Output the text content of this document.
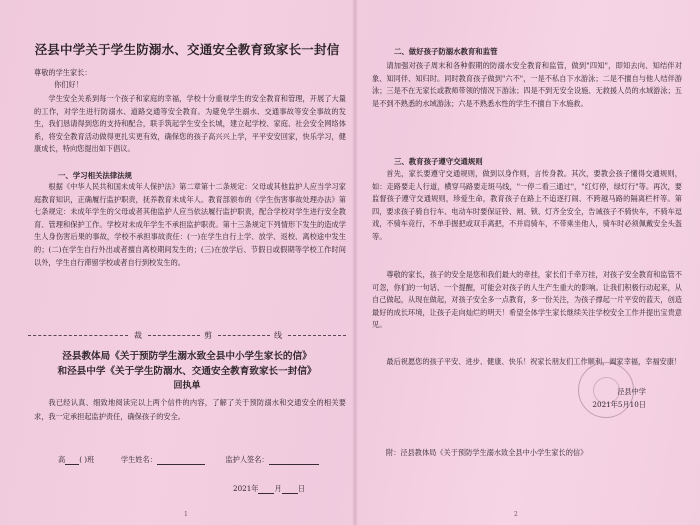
泾县中学关于学生防溺水、交通安全教育致家长一封信
尊敬的学生家长：
你们好！
学生安全关系到每一个孩子和家庭的幸福，学校十分重视学生的安全教育和管理，开展了大量的工作，对学生进行防溺水、道路交通等安全教育。为避免学生溺水、交通事故等安全事故的发生，我们恳请得到您的支持和配合，联手筑起学生安全长城，建立起学校、家庭、社会安全网络体系，将安全教育活动做得更扎实更有效，确保您的孩子高兴兴上学，平平安安回家，快乐学习，健康成长，特向您提出如下倡议。
一、学习相关法律法规
根据《中华人民共和国未成年人保护法》第二章第十二条规定：父母或其他监护人应当学习家庭教育知识，正确履行监护职责，抚养教育未成年人。教育部颁布的《学生伤害事故处理办法》第七条规定：未成年学生的父母或者其他监护人应当依法履行监护职责，配合学校对学生进行安全教育、管理和保护工作。学校对未成年学生不承担监护职责。第十三条规定下列情形下发生的造成学生人身伤害后果的事故，学校不承担事故责任：(一)在学生自行上学、放学、返校、离校途中发生的；(二)在学生自行外出或者擅自离校期间发生的；(三)在放学后、节假日或假期等学校工作时间以外，学生自行滞留学校或者自行到校发生的。
裁	剪	线
泾县教体局《关于预防学生溺水致全县中小学生家长的信》
和泾县中学《关于学生防溺水、交通安全教育致家长一封信》
回执单
我已经认真、细致地阅读完以上两个信件的内容，了解了关于预防溺水和交通安全的相关要求，我一定承担起监护责任，确保孩子的安全。
高 ( )班	学生姓名：	监护人签名：
2021年 月 日
1
二、做好孩子防溺水教育和监管
请加强对孩子周末和各种假期的防溺水安全教育和监管，做到"四知"，即知去向、知结伴对象、知同伴、知归时。同时教育孩子做到"六不"，一是不私自下水游泳；二是不擅自与他人结伴游泳；三是不在无家长或教师带领的情况下游泳；四是不到无安全设施、无救援人员的水域游泳；五是不到不熟悉的水域游泳；六是不熟悉水性的学生不擅自下水施救。
三、教育孩子遵守交通规则
首先，家长要遵守交通规则，做到以身作则，言传身教。其次，要教会孩子懂得交通规则，如：走路要走人行道，横穿马路要走斑马线，"一停二看三通过"，"红灯停，绿灯行"等。再次，要监督孩子遵守交通规则，珍爱生命，教育孩子在路上不追逐打闹、不跨越马路的隔离栏杆等。第四，要求孩子骑自行车、电动车时要保证铃、闸、锁、灯齐全安全，告诫孩子不骑快车，不骑车逗戏，不骑车竞行，不单手握把或双手离把，不并肩骑车，不带乘坐他人，骑车时必须佩戴安全头盔等。
尊敬的家长，孩子的安全是您和我们最大的牵挂，家长们千牵万挂，对孩子安全教育和监管不可忽，你们的一句话、一个提醒，可能会对孩子的人生产生重大的影响。让我们积极行动起来，从自己做起，从现在做起，对孩子安全多一点教育，多一份关注，为孩子撑起一片平安的蓝天，创造最好的成长环境，让孩子走向灿烂的明天！希望全体学生家长继续关注学校安全工作并提出宝贵意见。
最后祝愿您的孩子平安、进步、健康、快乐！祝家长朋友们工作顺利，阖家幸福，幸福安康！
泾县中学
2021年5月10日
附：泾县教体局《关于预防学生溺水致全县中小学生家长的信》
2
